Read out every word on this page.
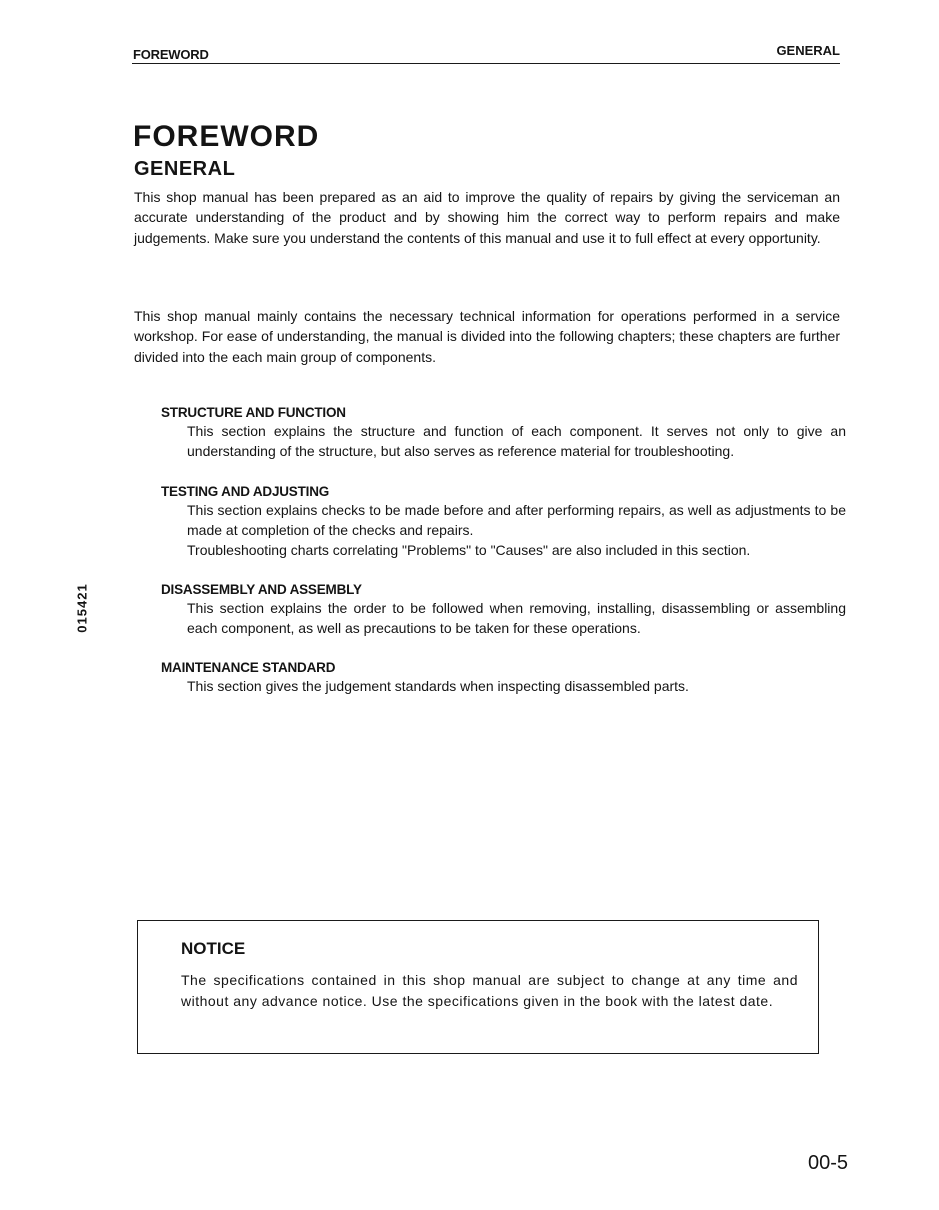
FOREWORD	GENERAL
FOREWORD
GENERAL

This shop manual has been prepared as an aid to improve the quality of repairs by giving the serviceman an accurate understanding of the product and by showing him the correct way to perform repairs and make judgements. Make sure you understand the contents of this manual and use it to full effect at every opportunity.

This shop manual mainly contains the necessary technical information for operations performed in a service workshop. For ease of understanding, the manual is divided into the following chapters; these chapters are further divided into the each main group of components.

STRUCTURE AND FUNCTION
This section explains the structure and function of each component. It serves not only to give an understanding of the structure, but also serves as reference material for troubleshooting.
TESTING AND ADJUSTING
This section explains checks to be made before and after performing repairs, as well as adjustments to be made at completion of the checks and repairs.
Troubleshooting charts correlating "Problems" to "Causes" are also included in this section.
DISASSEMBLY AND ASSEMBLY
This section explains the order to be followed when removing, installing, disassembling or assembling each component, as well as precautions to be taken for these operations.
MAINTENANCE STANDARD
This section gives the judgement standards when inspecting disassembled parts.
015421
NOTICE
The specifications contained in this shop manual are subject to change at any time and without any advance notice. Use the specifications given in the book with the latest date.
00-5
